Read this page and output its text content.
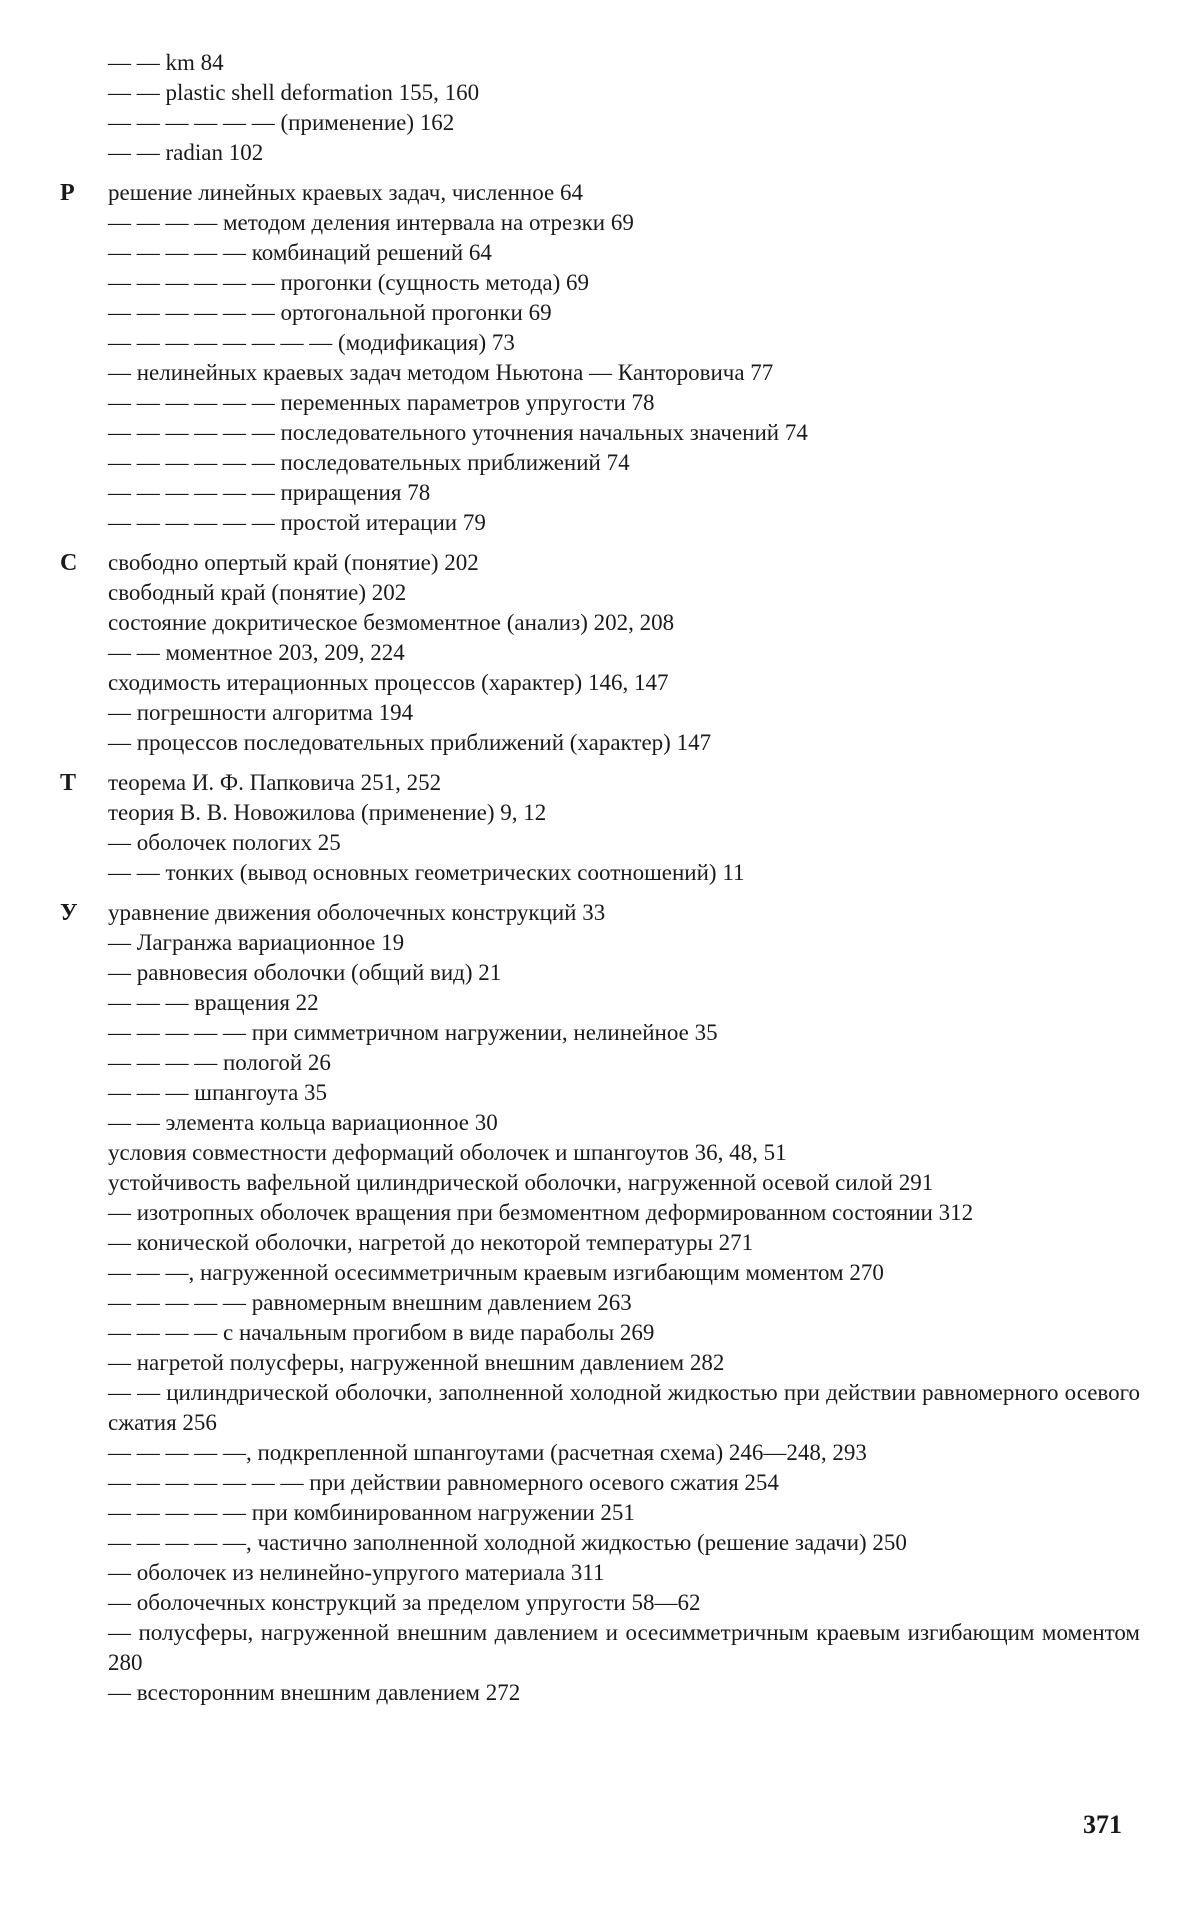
— — km 84
— — plastic shell deformation 155, 160
— — — — — — (применение) 162
— — radian 102
Р	решение линейных краевых задач, численное 64
— — — — методом деления интервала на отрезки 69
— — — — — комбинаций решений 64
— — — — — — прогонки (сущность метода) 69
— — — — — — ортогональной прогонки 69
— — — — — — — — (модификация) 73
— нелинейных краевых задач методом Ньютона — Канторовича 77
— — — — — — переменных параметров упругости 78
— — — — — — последовательного уточнения начальных значений 74
— — — — — — последовательных приближений 74
— — — — — — приращения 78
— — — — — — простой итерации 79
С	свободно опертый край (понятие) 202
свободный край (понятие) 202
состояние докритическое безмоментное (анализ) 202, 208
— — моментное 203, 209, 224
сходимость итерационных процессов (характер) 146, 147
— погрешности алгоритма 194
— процессов последовательных приближений (характер) 147
Т	теорема И. Ф. Папковича 251, 252
теория В. В. Новожилова (применение) 9, 12
— оболочек пологих 25
— — тонких (вывод основных геометрических соотношений) 11
У	уравнение движения оболочечных конструкций 33
— Лагранжа вариационное 19
— равновесия оболочки (общий вид) 21
— — — вращения 22
— — — — — при симметричном нагружении, нелинейное 35
— — — — пологой 26
— — — шпангоута 35
— — элемента кольца вариационное 30
условия совместности деформаций оболочек и шпангоутов 36, 48, 51
устойчивость вафельной цилиндрической оболочки, нагруженной осевой силой 291
— изотропных оболочек вращения при безмоментном деформированном состоянии 312
— конической оболочки, нагретой до некоторой температуры 271
— — —, нагруженной осесимметричным краевым изгибающим моментом 270
— — — — — равномерным внешним давлением 263
— — — — с начальным прогибом в виде параболы 269
— нагретой полусферы, нагруженной внешним давлением 282
— — цилиндрической оболочки, заполненной холодной жидкостью при действии равномерного осевого сжатия 256
— — — — —, подкрепленной шпангоутами (расчетная схема) 246—248, 293
— — — — — — — при действии равномерного осевого сжатия 254
— — — — — при комбинированном нагружении 251
— — — — —, частично заполненной холодной жидкостью (решение задачи) 250
— оболочек из нелинейно-упругого материала 311
— оболочечных конструкций за пределом упругости 58—62
— полусферы, нагруженной внешним давлением и осесимметричным краевым изгибающим моментом 280
— всесторонним внешним давлением 272
371
